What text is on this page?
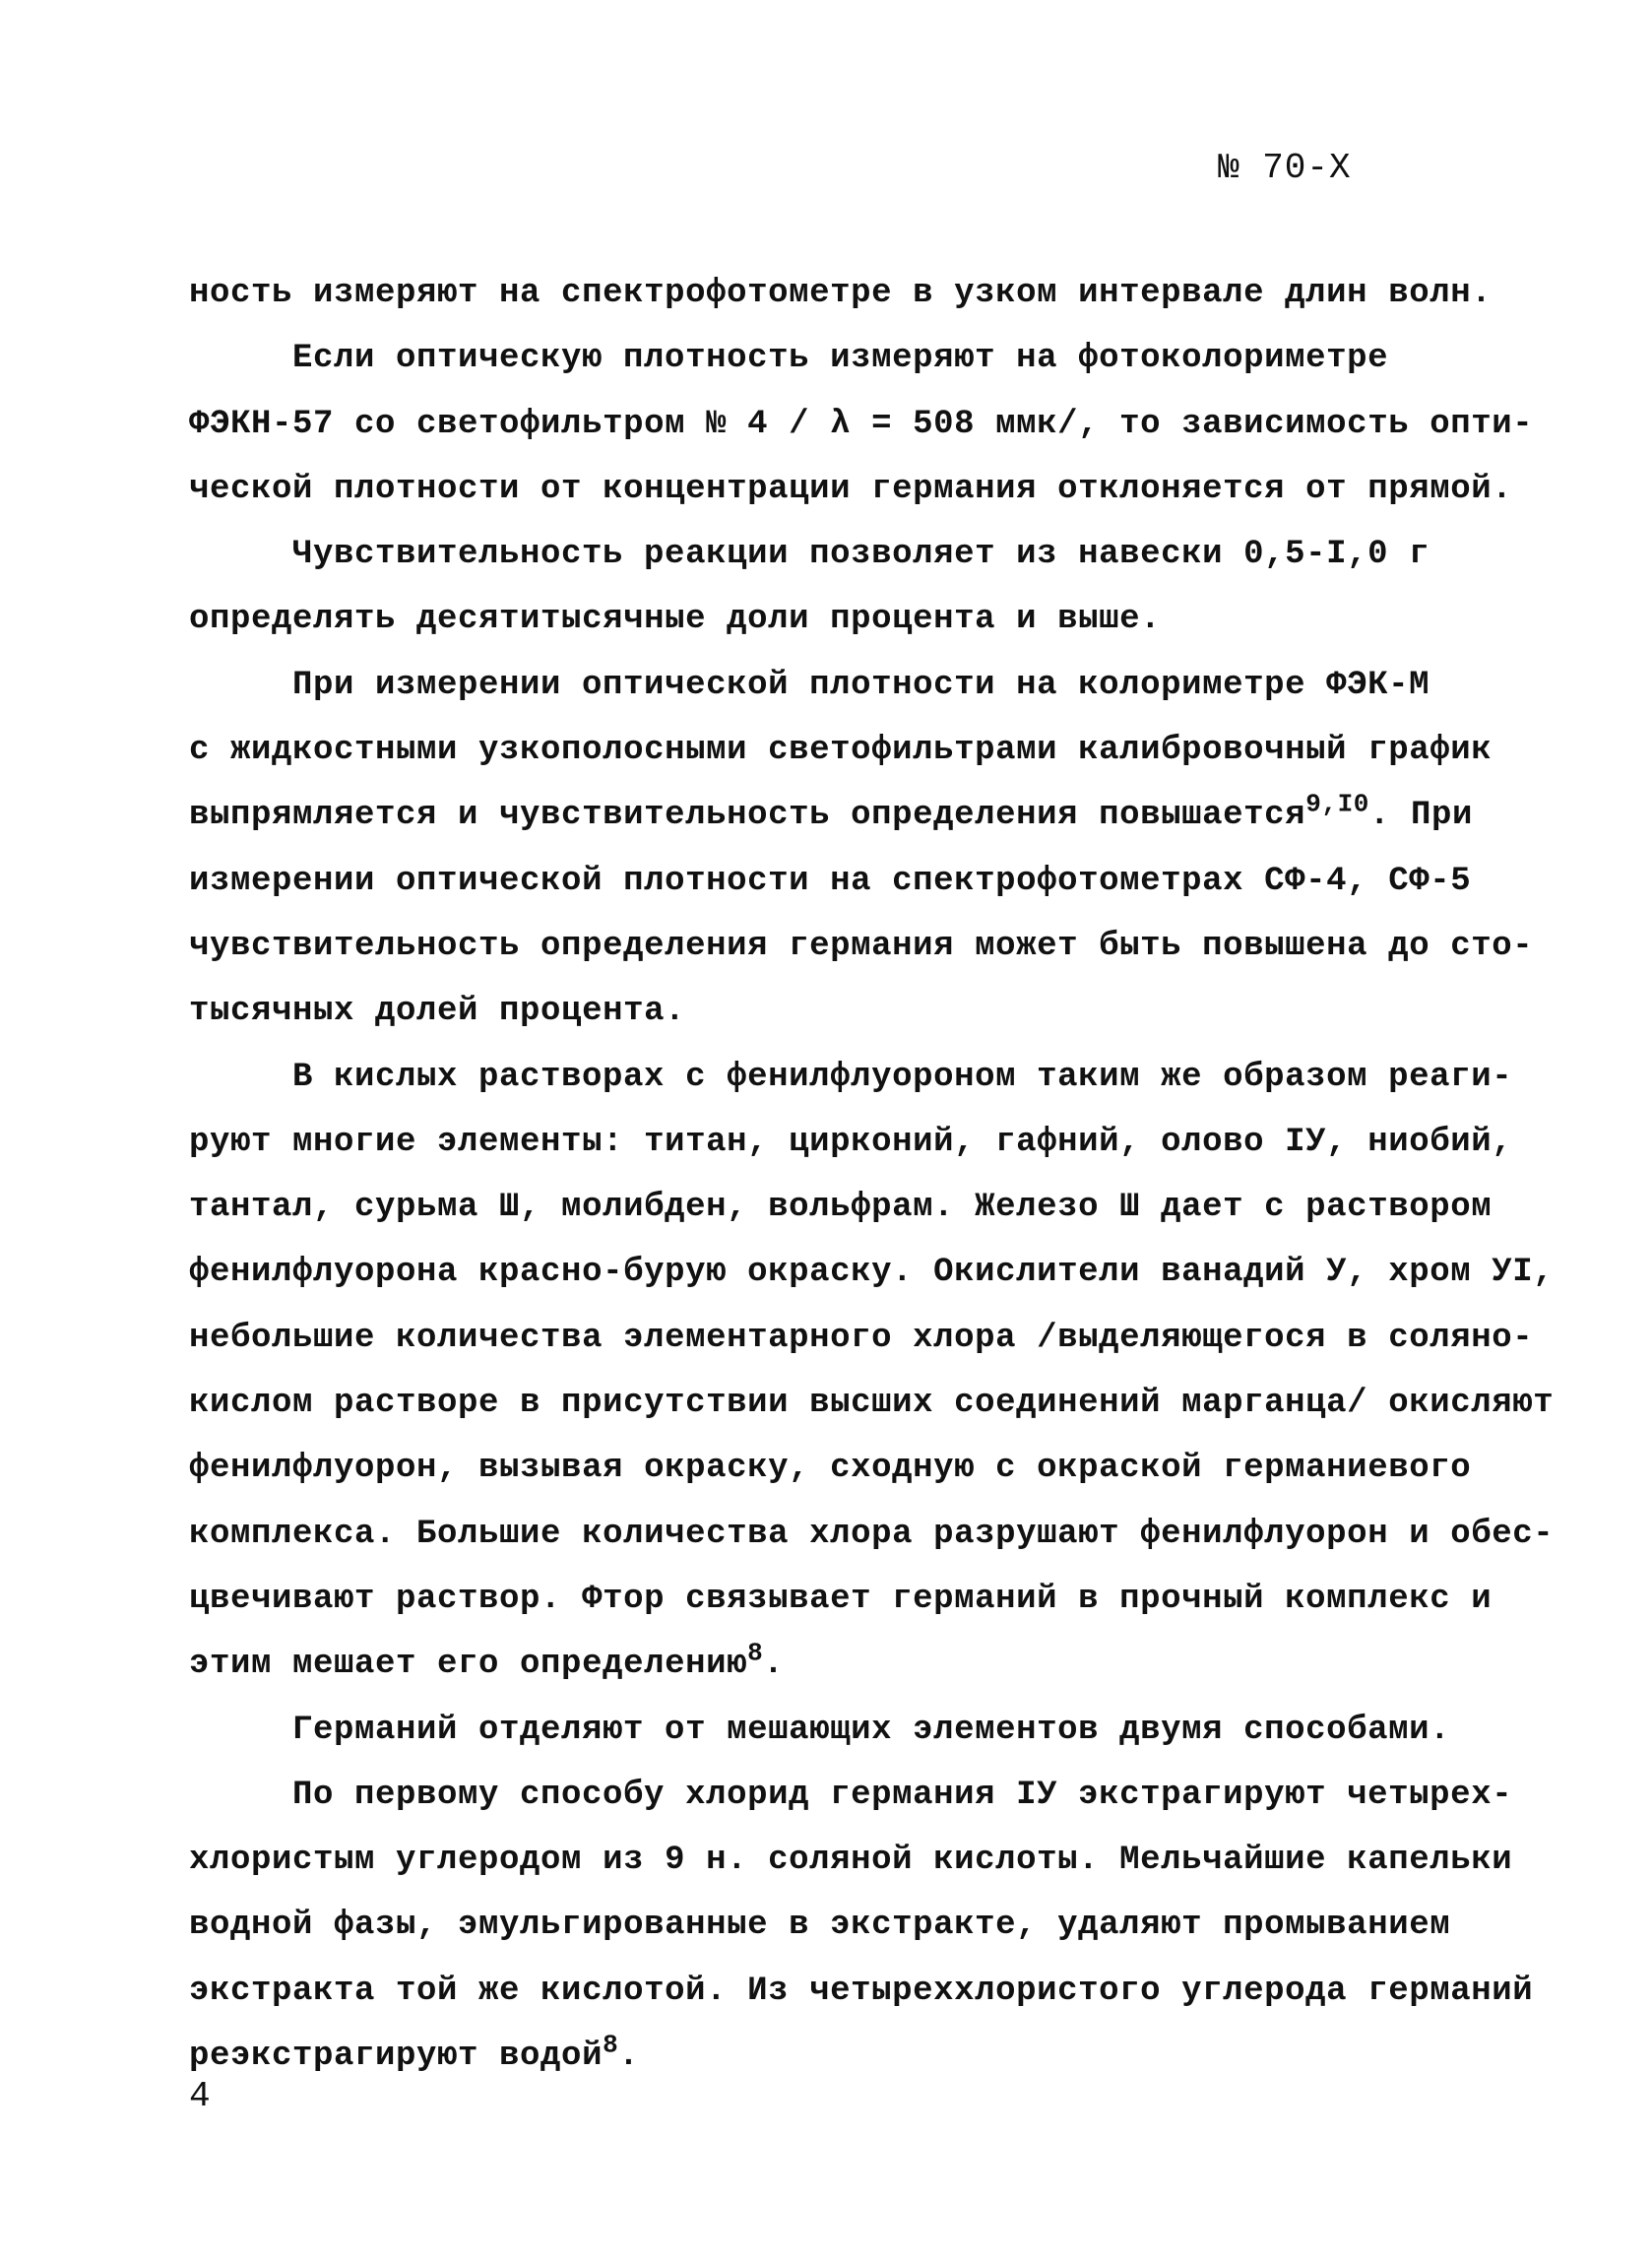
№ 70-Х
ность измеряют на спектрофотометре в узком интервале длин волн.
Если оптическую плотность измеряют на фотоколориметре
ФЭКН-57 со светофильтром № 4 / λ = 508 ммк/, то зависимость опти-
ческой плотности от концентрации германия отклоняется от прямой.
Чувствительность реакции позволяет из навески 0,5-I,0 г
определять десятитысячные доли процента и выше.
При измерении оптической плотности на колориметре ФЭК-М
с жидкостными узкополосными светофильтрами калибровочный график
выпрямляется и чувствительность определения повышается$^{9,I0}$. При
измерении оптической плотности на спектрофотометрах СФ-4, СФ-5
чувствительность определения германия может быть повышена до сто-
тысячных долей процента.
В кислых растворах с фенилфлуороном таким же образом реаги-
руют многие элементы: титан, цирконий, гафний, олово IУ, ниобий,
тантал, сурьма Ш, молибден, вольфрам. Железо Ш дает с раствором
фенилфлуорона красно-бурую окраску. Окислители ванадий У, хром УI,
небольшие количества элементарного хлора /выделяющегося в солянo-
кислом растворе в присутствии высших соединений марганца/ окисляют
фенилфлуорон, вызывая окраску, сходную с окраской германиевого
комплекса. Большие количества хлора разрушают фенилфлуорон и обес-
цвечивают раствор. Фтор связывает германий в прочный комплекс и
этим мешает его определению$^8$.
Германий отделяют от мешающих элементов двумя способами.
По первому способу хлорид германия IУ экстрагируют четырех-
хлористым углеродом из 9 н. соляной кислоты. Мельчайшие капельки
водной фазы, эмульгированные в экстракте, удаляют промыванием
экстракта той же кислотой. Из четыреххлористого углерода германий
реэкстрагируют водой$^8$.
4
